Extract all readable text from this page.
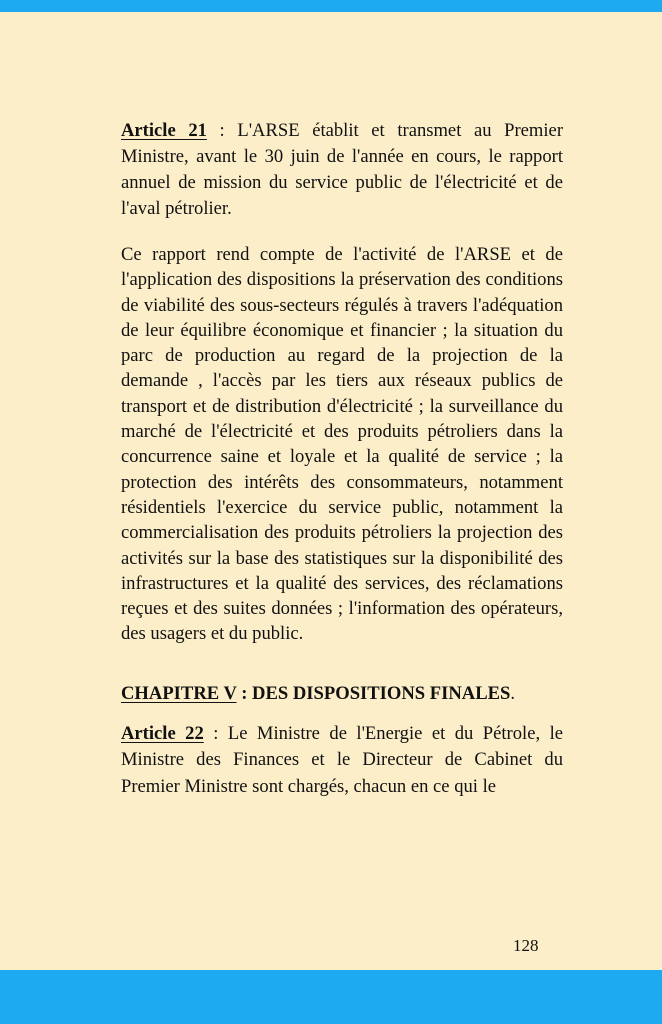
Article 21 : L'ARSE établit et transmet au Premier Ministre, avant le 30 juin de l'année en cours, le rapport annuel de mission du service public de l'électricité et de l'aval pétrolier.

Ce rapport rend compte de l'activité de l'ARSE et de l'application des dispositions la préservation des conditions de viabilité des sous-secteurs régulés à travers l'adéquation de leur équilibre économique et financier ; la situation du parc de production au regard de la projection de la demande , l'accès par les tiers aux réseaux publics de transport et de distribution d'électricité ; la surveillance du marché de l'électricité et des produits pétroliers dans la concurrence saine et loyale et la qualité de service ; la protection des intérêts des consommateurs, notamment résidentiels l'exercice du service public, notamment la commercialisation des produits pétroliers la projection des activités sur la base des statistiques sur la disponibilité des infrastructures et la qualité des services, des réclamations reçues et des suites données ; l'information des opérateurs, des usagers et du public.

CHAPITRE V : DES DISPOSITIONS FINALES.

Article 22 : Le Ministre de l'Energie et du Pétrole, le Ministre des Finances et le Directeur de Cabinet du Premier Ministre sont chargés, chacun en ce qui le

128
